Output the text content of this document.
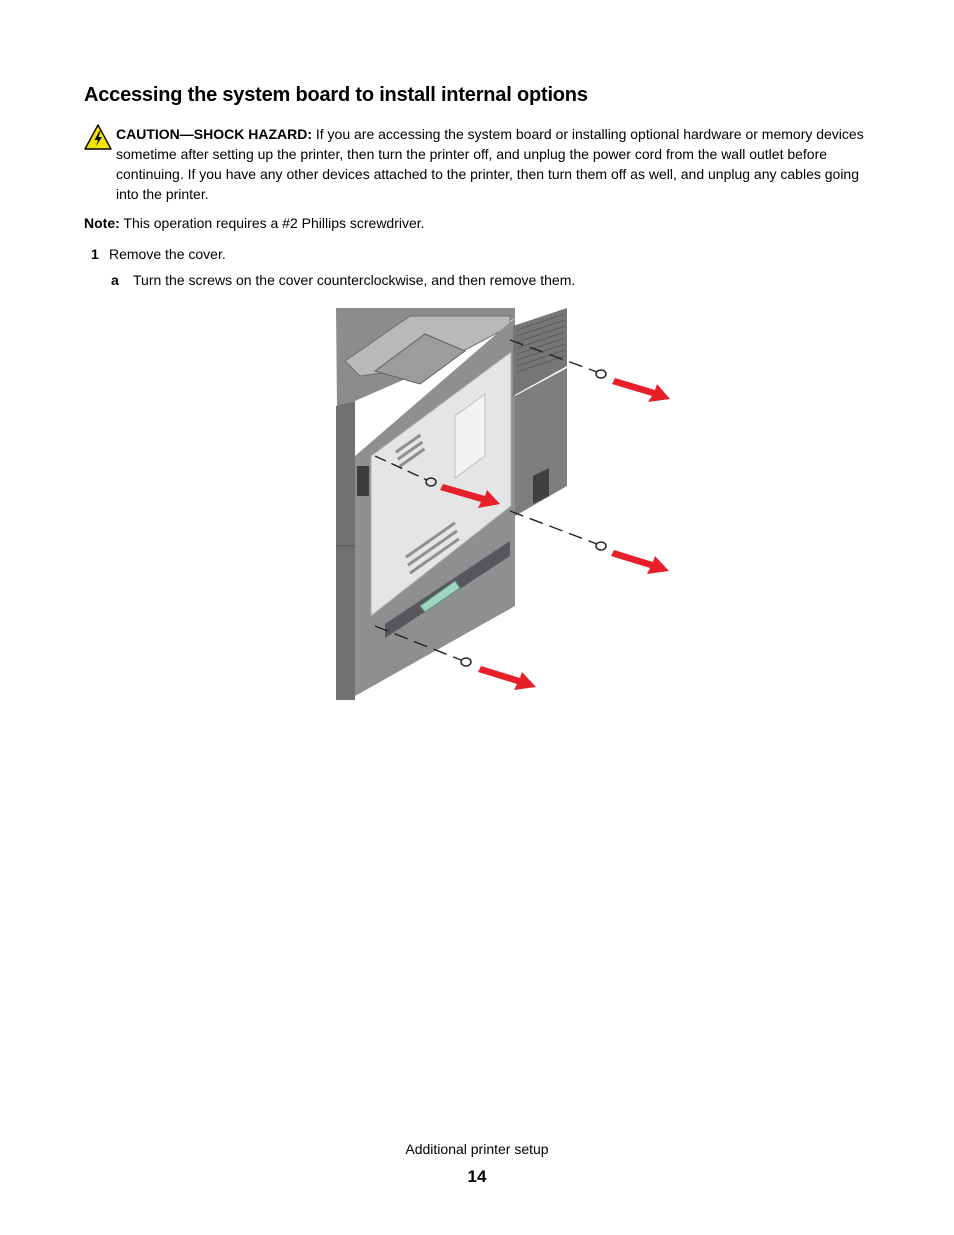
Accessing the system board to install internal options
CAUTION—SHOCK HAZARD: If you are accessing the system board or installing optional hardware or memory devices sometime after setting up the printer, then turn the printer off, and unplug the power cord from the wall outlet before continuing. If you have any other devices attached to the printer, then turn them off as well, and unplug any cables going into the printer.

Note: This operation requires a #2 Phillips screwdriver.

1 Remove the cover.
a Turn the screws on the cover counterclockwise, and then remove them.
Additional printer setup
14
